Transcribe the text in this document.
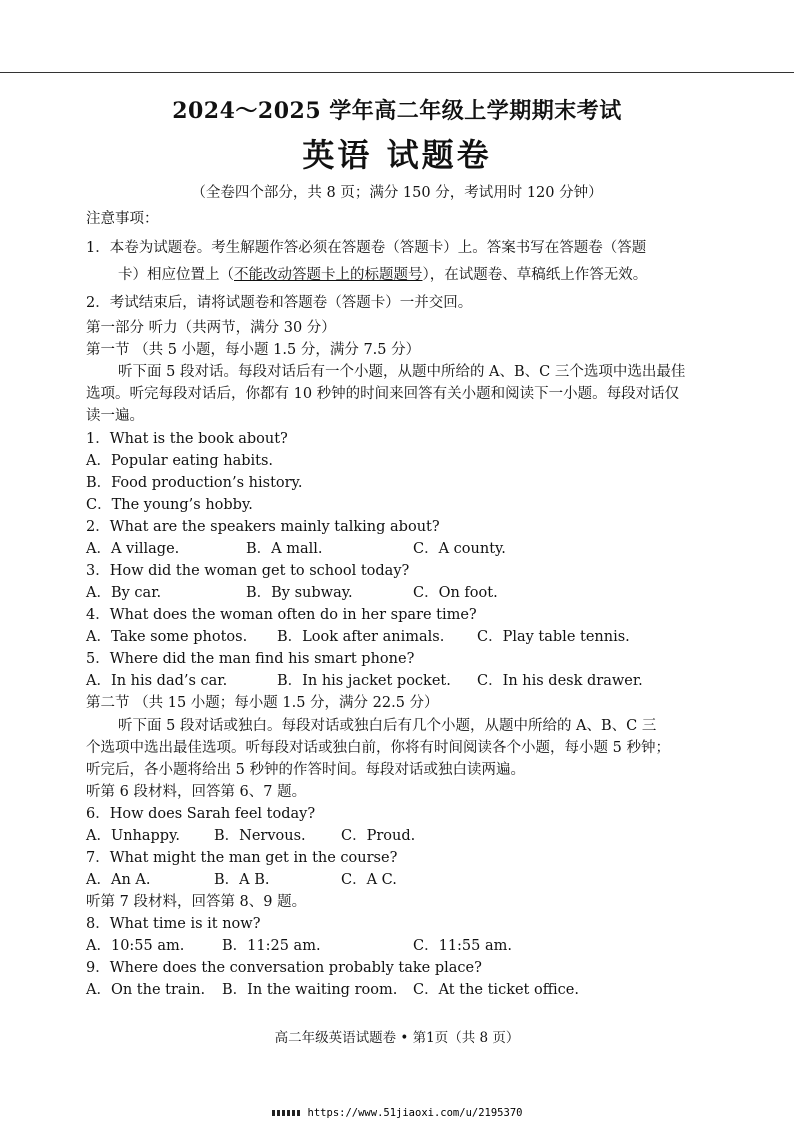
2024～2025 学年高二年级上学期期末考试
英语 试题卷
（全卷四个部分，共 8 页；满分 150 分，考试用时 120 分钟）
注意事项：
1．本卷为试题卷。考生解题作答必须在答题卷（答题卡）上。答案书写在答题卷（答题
卡）相应位置上（不能改动答题卡上的标题题号），在试题卷、草稿纸上作答无效。
2．考试结束后，请将试题卷和答题卷（答题卡）一并交回。
第一部分 听力（共两节，满分 30 分）
第一节 （共 5 小题，每小题 1.5 分，满分 7.5 分）
听下面 5 段对话。每段对话后有一个小题，从题中所给的 A、B、C 三个选项中选出最佳
选项。听完每段对话后，你都有 10 秒钟的时间来回答有关小题和阅读下一小题。每段对话仅
读一遍。
1．What is the book about?
A．Popular eating habits.
B．Food production’s history.
C．The young’s hobby.
2．What are the speakers mainly talking about?
A．A village.	B．A mall.	C．A county.
3．How did the woman get to school today?
A．By car.	B．By subway.	C．On foot.
4．What does the woman often do in her spare time?
A．Take some photos. B．Look after animals. C．Play table tennis.
5．Where did the man find his smart phone?
A．In his dad’s car.	B．In his jacket pocket. C．In his desk drawer.
第二节 （共 15 小题；每小题 1.5 分，满分 22.5 分）
听下面 5 段对话或独白。每段对话或独白后有几个小题，从题中所给的 A、B、C 三
个选项中选出最佳选项。听每段对话或独白前，你将有时间阅读各个小题，每小题 5 秒钟；
听完后，各小题将给出 5 秒钟的作答时间。每段对话或独白读两遍。
听第 6 段材料，回答第 6、7 题。
6．How does Sarah feel today?
A．Unhappy. B．Nervous. C．Proud.
7．What might the man get in the course?
A．An A.	B．A B.	C．A C.
听第 7 段材料，回答第 8、9 题。
8．What time is it now?
A．10:55 am.	B．11:25 am.	C．11:55 am.
9．Where does the conversation probably take place?
A．On the train. B．In the waiting room. C．At the ticket office.
高二年级英语试题卷 • 第1页（共 8 页）
https://www.51jiaoxi.com/u/2195370
